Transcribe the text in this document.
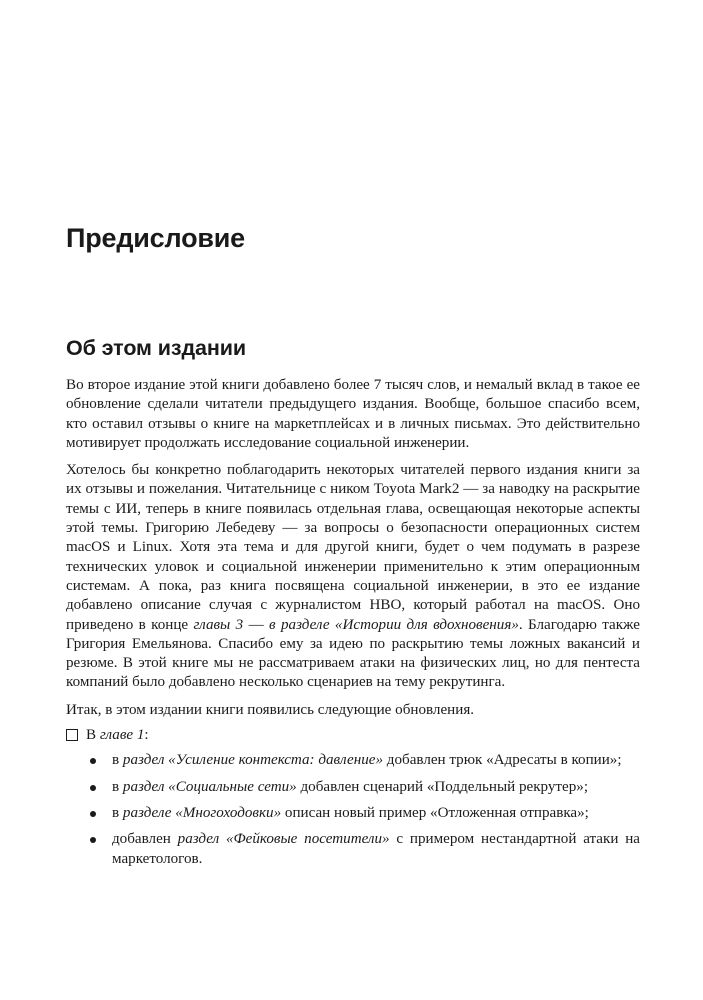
Предисловие
Об этом издании

Во второе издание этой книги добавлено более 7 тысяч слов, и немалый вклад в такое ее обновление сделали читатели предыдущего издания. Вообще, большое спасибо всем, кто оставил отзывы о книге на маркетплейсах и в личных письмах. Это действительно мотивирует продолжать исследование социальной инженерии.

Хотелось бы конкретно поблагодарить некоторых читателей первого издания книги за их отзывы и пожелания. Читательнице с ником Toyota Mark2 — за наводку на раскрытие темы с ИИ, теперь в книге появилась отдельная глава, освещающая некоторые аспекты этой темы. Григорию Лебедеву — за вопросы о безопасности операционных систем macOS и Linux. Хотя эта тема и для другой книги, будет о чем подумать в разрезе технических уловок и социальной инженерии применительно к этим операционным системам. А пока, раз книга посвящена социальной инженерии, в это ее издание добавлено описание случая с журналистом HBO, который работал на macOS. Оно приведено в конце главы 3 — в разделе «Истории для вдохновения». Благодарю также Григория Емельянова. Спасибо ему за идею по раскрытию темы ложных вакансий и резюме. В этой книге мы не рассматриваем атаки на физических лиц, но для пентеста компаний было добавлено несколько сценариев на тему рекрутинга.

Итак, в этом издании книги появились следующие обновления.

В главе 1:
в раздел «Усиление контекста: давление» добавлен трюк «Адресаты в копии»;
в раздел «Социальные сети» добавлен сценарий «Поддельный рекрутер»;
в разделе «Многоходовки» описан новый пример «Отложенная отправка»;
добавлен раздел «Фейковые посетители» с примером нестандартной атаки на маркетологов.
